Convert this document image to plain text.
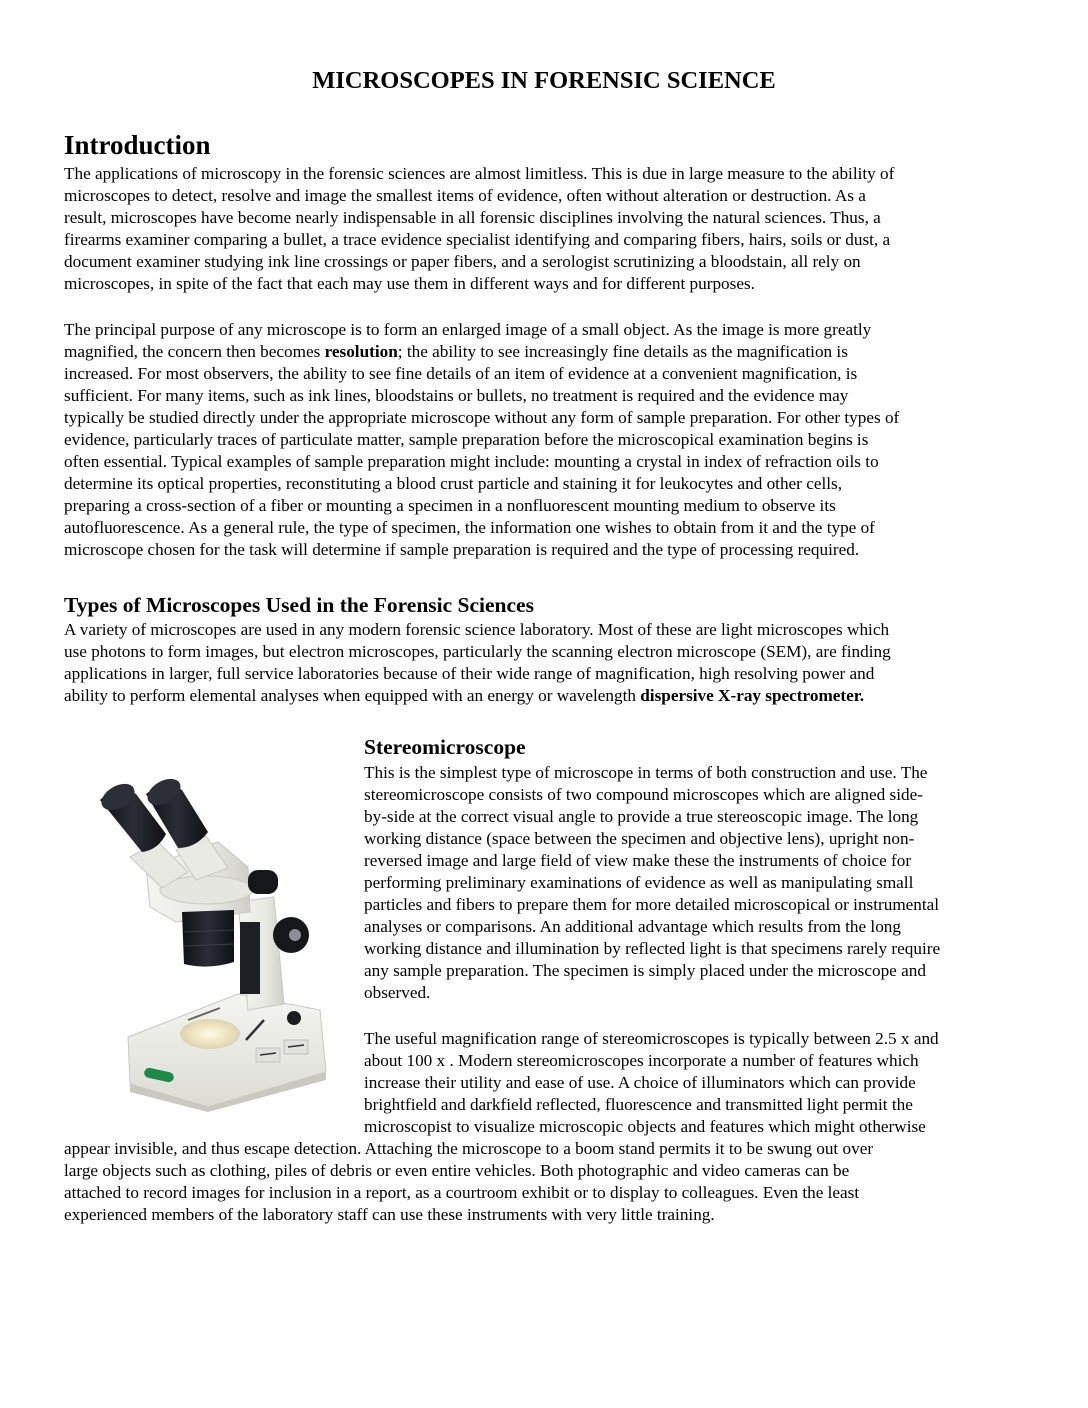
MICROSCOPES IN FORENSIC SCIENCE
Introduction
The applications of microscopy in the forensic sciences are almost limitless. This is due in large measure to the ability of
microscopes to detect, resolve and image the smallest items of evidence, often without alteration or destruction. As a
result, microscopes have become nearly indispensable in all forensic disciplines involving the natural sciences. Thus, a
firearms examiner comparing a bullet, a trace evidence specialist identifying and comparing fibers, hairs, soils or dust, a
document examiner studying ink line crossings or paper fibers, and a serologist scrutinizing a bloodstain, all rely on
microscopes, in spite of the fact that each may use them in different ways and for different purposes.
The principal purpose of any microscope is to form an enlarged image of a small object. As the image is more greatly
magnified, the concern then becomes resolution; the ability to see increasingly fine details as the magnification is
increased. For most observers, the ability to see fine details of an item of evidence at a convenient magnification, is
sufficient. For many items, such as ink lines, bloodstains or bullets, no treatment is required and the evidence may
typically be studied directly under the appropriate microscope without any form of sample preparation. For other types of
evidence, particularly traces of particulate matter, sample preparation before the microscopical examination begins is
often essential. Typical examples of sample preparation might include: mounting a crystal in index of refraction oils to
determine its optical properties, reconstituting a blood crust particle and staining it for leukocytes and other cells,
preparing a cross-section of a fiber or mounting a specimen in a nonfluorescent mounting medium to observe its
autofluorescence. As a general rule, the type of specimen, the information one wishes to obtain from it and the type of
microscope chosen for the task will determine if sample preparation is required and the type of processing required.
Types of Microscopes Used in the Forensic Sciences
A variety of microscopes are used in any modern forensic science laboratory. Most of these are light microscopes which
use photons to form images, but electron microscopes, particularly the scanning electron microscope (SEM), are finding
applications in larger, full service laboratories because of their wide range of magnification, high resolving power and
ability to perform elemental analyses when equipped with an energy or wavelength dispersive X-ray spectrometer.
Stereomicroscope
This is the simplest type of microscope in terms of both construction and use. The
stereomicroscope consists of two compound microscopes which are aligned side-
by-side at the correct visual angle to provide a true stereoscopic image. The long
working distance (space between the specimen and objective lens), upright non-
reversed image and large field of view make these the instruments of choice for
performing preliminary examinations of evidence as well as manipulating small
particles and fibers to prepare them for more detailed microscopical or instrumental
analyses or comparisons. An additional advantage which results from the long
working distance and illumination by reflected light is that specimens rarely require
any sample preparation. The specimen is simply placed under the microscope and
observed.
The useful magnification range of stereomicroscopes is typically between 2.5 x and
about 100 x . Modern stereomicroscopes incorporate a number of features which
increase their utility and ease of use. A choice of illuminators which can provide
brightfield and darkfield reflected, fluorescence and transmitted light permit the
microscopist to visualize microscopic objects and features which might otherwise
appear invisible, and thus escape detection. Attaching the microscope to a boom stand permits it to be swung out over
large objects such as clothing, piles of debris or even entire vehicles. Both photographic and video cameras can be
attached to record images for inclusion in a report, as a courtroom exhibit or to display to colleagues. Even the least
experienced members of the laboratory staff can use these instruments with very little training.
